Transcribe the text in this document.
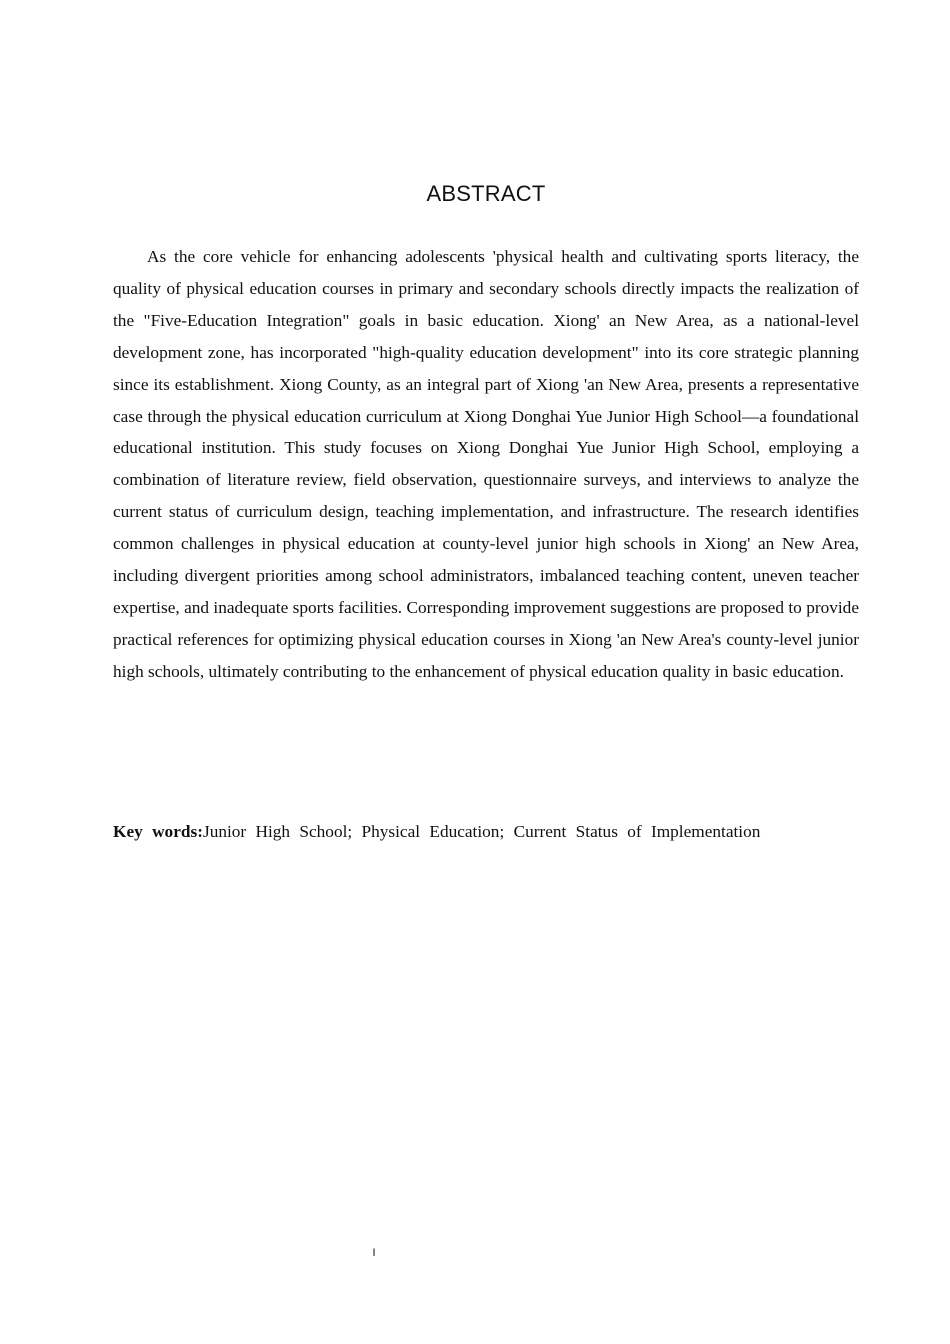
ABSTRACT

As the core vehicle for enhancing adolescents 'physical health and cultivating sports literacy, the quality of physical education courses in primary and secondary schools directly impacts the realization of the "Five-Education Integration" goals in basic education. Xiong' an New Area, as a national-level development zone, has incorporated "high-quality education development" into its core strategic planning since its establishment. Xiong County, as an integral part of Xiong 'an New Area, presents a representative case through the physical education curriculum at Xiong Donghai Yue Junior High School—a foundational educational institution. This study focuses on Xiong Donghai Yue Junior High School, employing a combination of literature review, field observation, questionnaire surveys, and interviews to analyze the current status of curriculum design, teaching implementation, and infrastructure. The research identifies common challenges in physical education at county-level junior high schools in Xiong' an New Area, including divergent priorities among school administrators, imbalanced teaching content, uneven teacher expertise, and inadequate sports facilities. Corresponding improvement suggestions are proposed to provide practical references for optimizing physical education courses in Xiong 'an New Area's county-level junior high schools, ultimately contributing to the enhancement of physical education quality in basic education.

Key words:Junior High School; Physical Education; Current Status of Implementation

I
